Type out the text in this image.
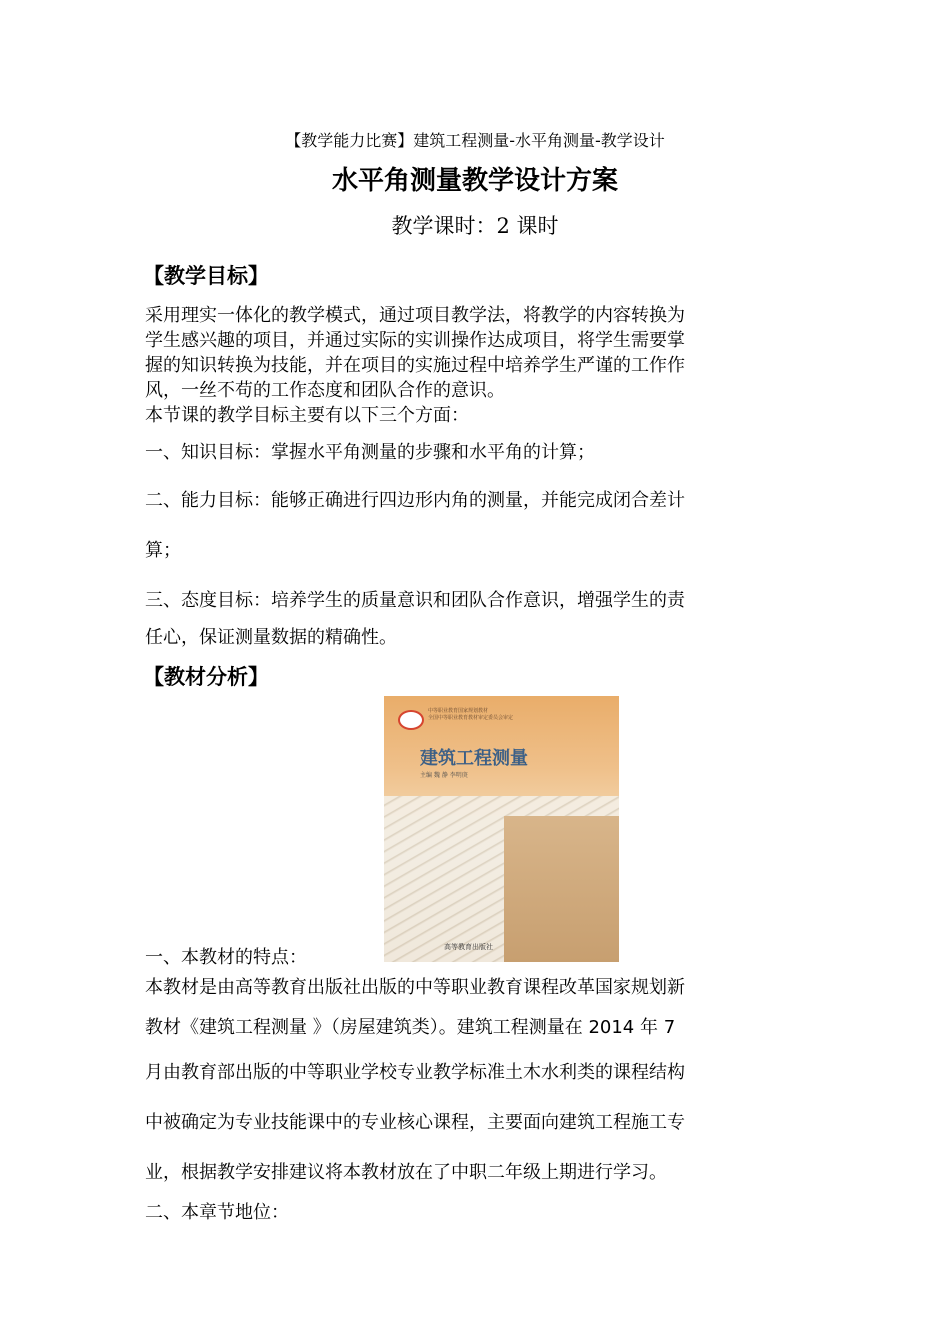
【教学能力比赛】建筑工程测量-水平角测量-教学设计
水平角测量教学设计方案
教学课时：2 课时
【教学目标】
采用理实一体化的教学模式，通过项目教学法，将教学的内容转换为
学生感兴趣的项目，并通过实际的实训操作达成项目，将学生需要掌
握的知识转换为技能，并在项目的实施过程中培养学生严谨的工作作
风，一丝不苟的工作态度和团队合作的意识。
本节课的教学目标主要有以下三个方面：
一、知识目标：掌握水平角测量的步骤和水平角的计算；
二、能力目标：能够正确进行四边形内角的测量，并能完成闭合差计
算；
三、态度目标：培养学生的质量意识和团队合作意识，增强学生的责
任心，保证测量数据的精确性。
【教材分析】
中等职业教育国家规划教材
全国中等职业教育教材审定委员会审定
建筑工程测量
主编 魏 静 李明庚
高等教育出版社
一、本教材的特点：
本教材是由高等教育出版社出版的中等职业教育课程改革国家规划新
教材《建筑工程测量 》（房屋建筑类）。建筑工程测量在 2014 年 7
月由教育部出版的中等职业学校专业教学标准土木水利类的课程结构
中被确定为专业技能课中的专业核心课程，主要面向建筑工程施工专
业，根据教学安排建议将本教材放在了中职二年级上期进行学习。
二、本章节地位：
